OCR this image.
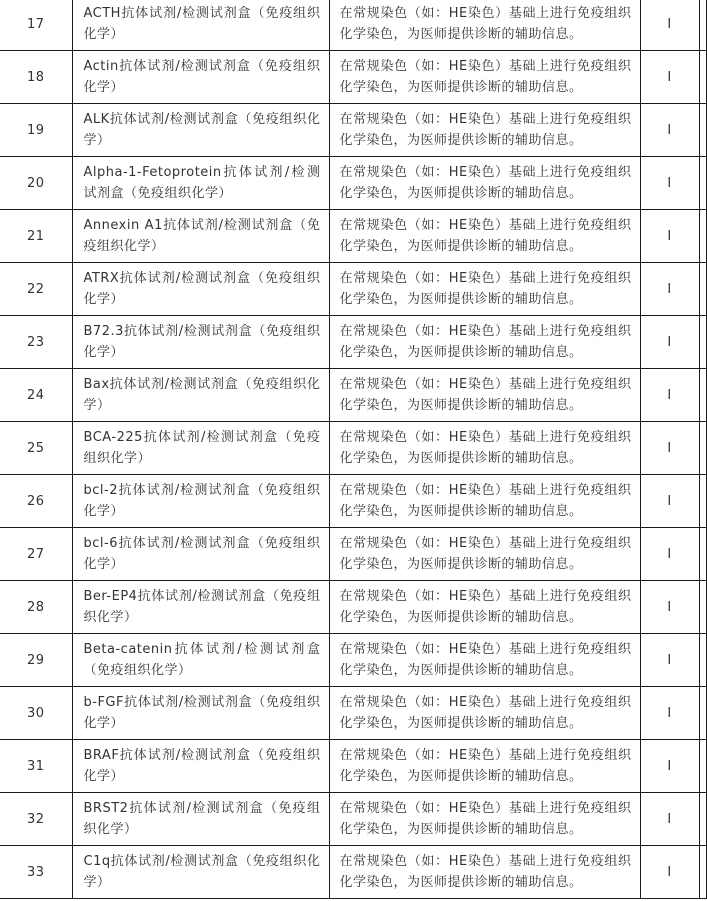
17	ACTH抗体试剂/检测试剂盒（免疫组织化学）	在常规染色（如：HE染色）基础上进行免疫组织化学染色，为医师提供诊断的辅助信息。	I	
18	Actin抗体试剂/检测试剂盒（免疫组织化学）	在常规染色（如：HE染色）基础上进行免疫组织化学染色，为医师提供诊断的辅助信息。	I	
19	ALK抗体试剂/检测试剂盒（免疫组织化学）	在常规染色（如：HE染色）基础上进行免疫组织化学染色，为医师提供诊断的辅助信息。	I	
20	Alpha-1-Fetoprotein抗体试剂/检测试剂盒（免疫组织化学）	在常规染色（如：HE染色）基础上进行免疫组织化学染色，为医师提供诊断的辅助信息。	I	
21	Annexin A1抗体试剂/检测试剂盒（免疫组织化学）	在常规染色（如：HE染色）基础上进行免疫组织化学染色，为医师提供诊断的辅助信息。	I	
22	ATRX抗体试剂/检测试剂盒（免疫组织化学）	在常规染色（如：HE染色）基础上进行免疫组织化学染色，为医师提供诊断的辅助信息。	I	
23	B72.3抗体试剂/检测试剂盒（免疫组织化学）	在常规染色（如：HE染色）基础上进行免疫组织化学染色，为医师提供诊断的辅助信息。	I	
24	Bax抗体试剂/检测试剂盒（免疫组织化学）	在常规染色（如：HE染色）基础上进行免疫组织化学染色，为医师提供诊断的辅助信息。	I	
25	BCA-225抗体试剂/检测试剂盒（免疫组织化学）	在常规染色（如：HE染色）基础上进行免疫组织化学染色，为医师提供诊断的辅助信息。	I	
26	bcl-2抗体试剂/检测试剂盒（免疫组织化学）	在常规染色（如：HE染色）基础上进行免疫组织化学染色，为医师提供诊断的辅助信息。	I	
27	bcl-6抗体试剂/检测试剂盒（免疫组织化学）	在常规染色（如：HE染色）基础上进行免疫组织化学染色，为医师提供诊断的辅助信息。	I	
28	Ber-EP4抗体试剂/检测试剂盒（免疫组织化学）	在常规染色（如：HE染色）基础上进行免疫组织化学染色，为医师提供诊断的辅助信息。	I	
29	Beta-catenin抗体试剂/检测试剂盒（免疫组织化学）	在常规染色（如：HE染色）基础上进行免疫组织化学染色，为医师提供诊断的辅助信息。	I	
30	b-FGF抗体试剂/检测试剂盒（免疫组织化学）	在常规染色（如：HE染色）基础上进行免疫组织化学染色，为医师提供诊断的辅助信息。	I	
31	BRAF抗体试剂/检测试剂盒（免疫组织化学）	在常规染色（如：HE染色）基础上进行免疫组织化学染色，为医师提供诊断的辅助信息。	I	
32	BRST2抗体试剂/检测试剂盒（免疫组织化学）	在常规染色（如：HE染色）基础上进行免疫组织化学染色，为医师提供诊断的辅助信息。	I	
33	C1q抗体试剂/检测试剂盒（免疫组织化学）	在常规染色（如：HE染色）基础上进行免疫组织化学染色，为医师提供诊断的辅助信息。	I	
